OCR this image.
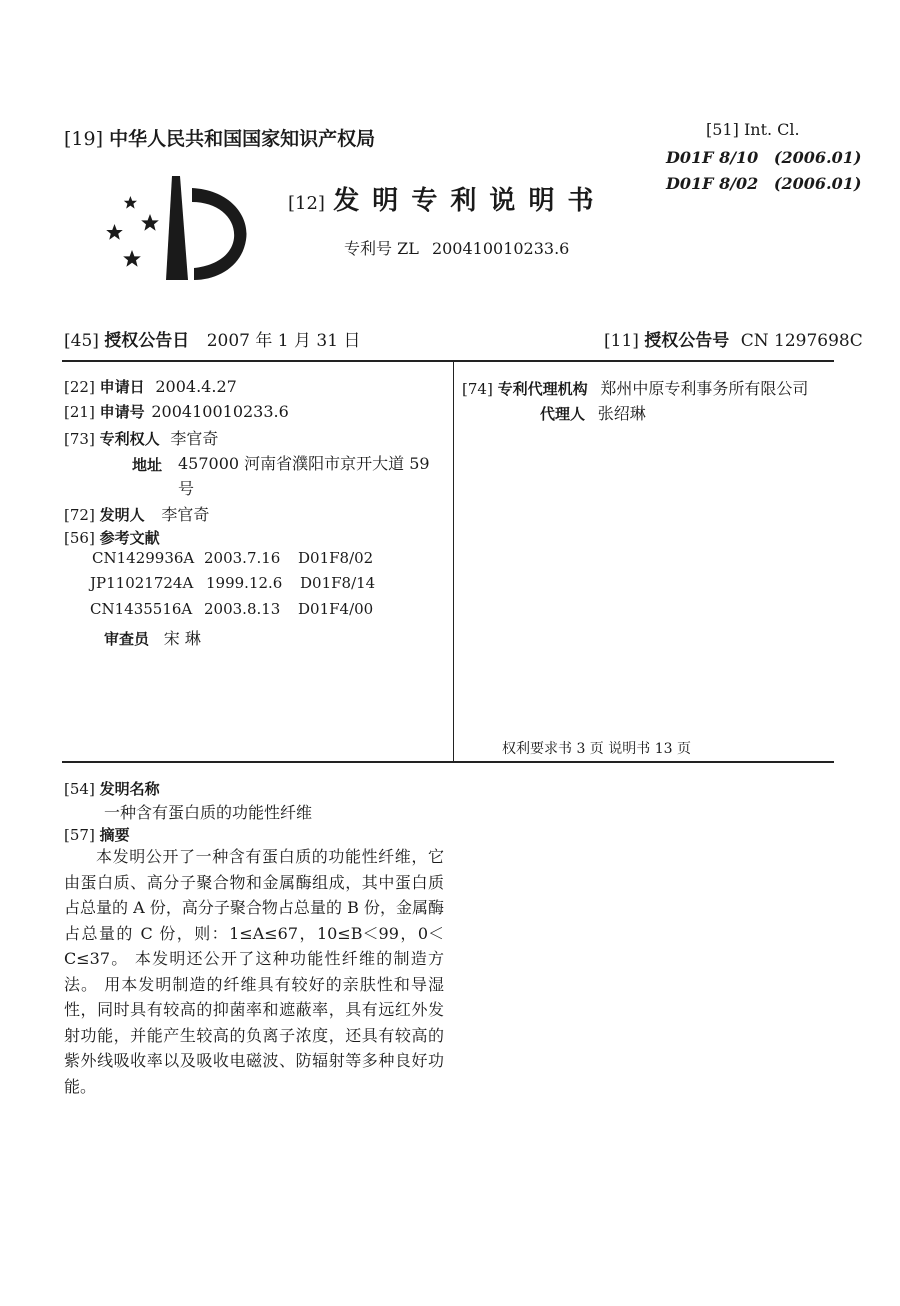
[19] 中华人民共和国国家知识产权局	[51] Int. Cl.
D01F 8/10 (2006.01)
D01F 8/02 (2006.01)
[12] 发 明 专 利 说 明 书
专利号 ZL 200410010233.6
[45] 授权公告日 2007 年 1 月 31 日	[11] 授权公告号 CN 1297698C
[22] 申请日 2004.4.27
[21] 申请号 200410010233.6
[73] 专利权人 李官奇
地址 457000 河南省濮阳市京开大道 59
号
[72] 发明人 李官奇
[56] 参考文献
CN1429936A 2003.7.16 D01F8/02
JP11021724A 1999.12.6 D01F8/14
CN1435516A 2003.8.13 D01F4/00
审查员 宋 琳
[74] 专利代理机构 郑州中原专利事务所有限公司
代理人 张绍琳
权利要求书 3 页 说明书 13 页
[54] 发明名称
一种含有蛋白质的功能性纤维
[57] 摘要

本发明公开了一种含有蛋白质的功能性纤维，它由蛋白质、高分子聚合物和金属酶组成，其中蛋白质占总量的 A 份，高分子聚合物占总量的 B 份，金属酶占总量的 C 份，则：1≤A≤67，10≤B＜99，0＜C≤37。 本发明还公开了这种功能性纤维的制造方法。 用本发明制造的纤维具有较好的亲肤性和导湿性，同时具有较高的抑菌率和遮蔽率，具有远红外发射功能，并能产生较高的负离子浓度，还具有较高的紫外线吸收率以及吸收电磁波、防辐射等多种良好功能。
